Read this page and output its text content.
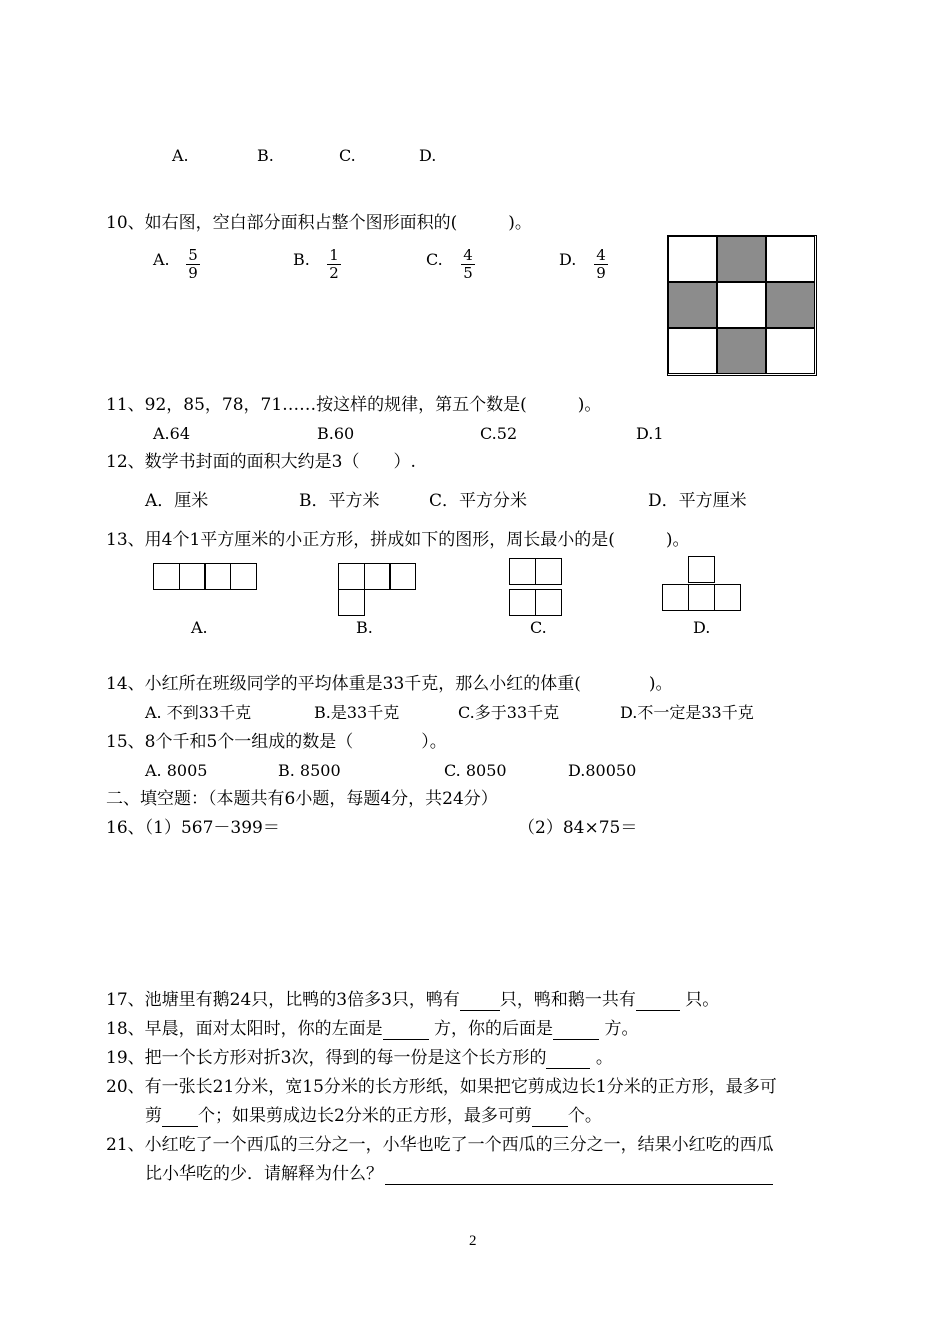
A.	B.	C.	D.
10、如右图，空白部分面积占整个图形面积的(　　　)。
A. $\frac{5}{9}$	B. $\frac{1}{2}$	C. $\frac{4}{5}$	D. $\frac{4}{9}$
11、92，85，78，71……按这样的规律，第五个数是(　　　)。
A.64	B.60	C.52	D.1
12、数学书封面的面积大约是3（　　）.
A．厘米	B．平方米	C．平方分米	D．平方厘米
13、用4个1平方厘米的小正方形，拼成如下的图形，周长最小的是(　　　)。
A.	B.	C.	D.
14、小红所在班级同学的平均体重是33千克，那么小红的体重(　　　　)。
A. 不到33千克	B.是33千克	C.多于33千克	D.不一定是33千克
15、8个千和5个一组成的数是（　　　　）。
A. 8005	B. 8500	C. 8050	D.80050
二、填空题：（本题共有6小题，每题4分，共24分）
16、（1）567－399＝	（2）84×75＝
17、池塘里有鹅24只，比鸭的3倍多3只，鸭有 只，鸭和鹅一共有	只。
18、早晨，面对太阳时，你的左面是	方，你的后面是	方。
19、把一个长方形对折3次，得到的每一份是这个长方形的	。
20、有一张长21分米，宽15分米的长方形纸，如果把它剪成边长1分米的正方形，最多可
剪 个；如果剪成边长2分米的正方形，最多可剪 个。
21、小红吃了一个西瓜的三分之一，小华也吃了一个西瓜的三分之一，结果小红吃的西瓜
比小华吃的少．请解释为什么？
2
